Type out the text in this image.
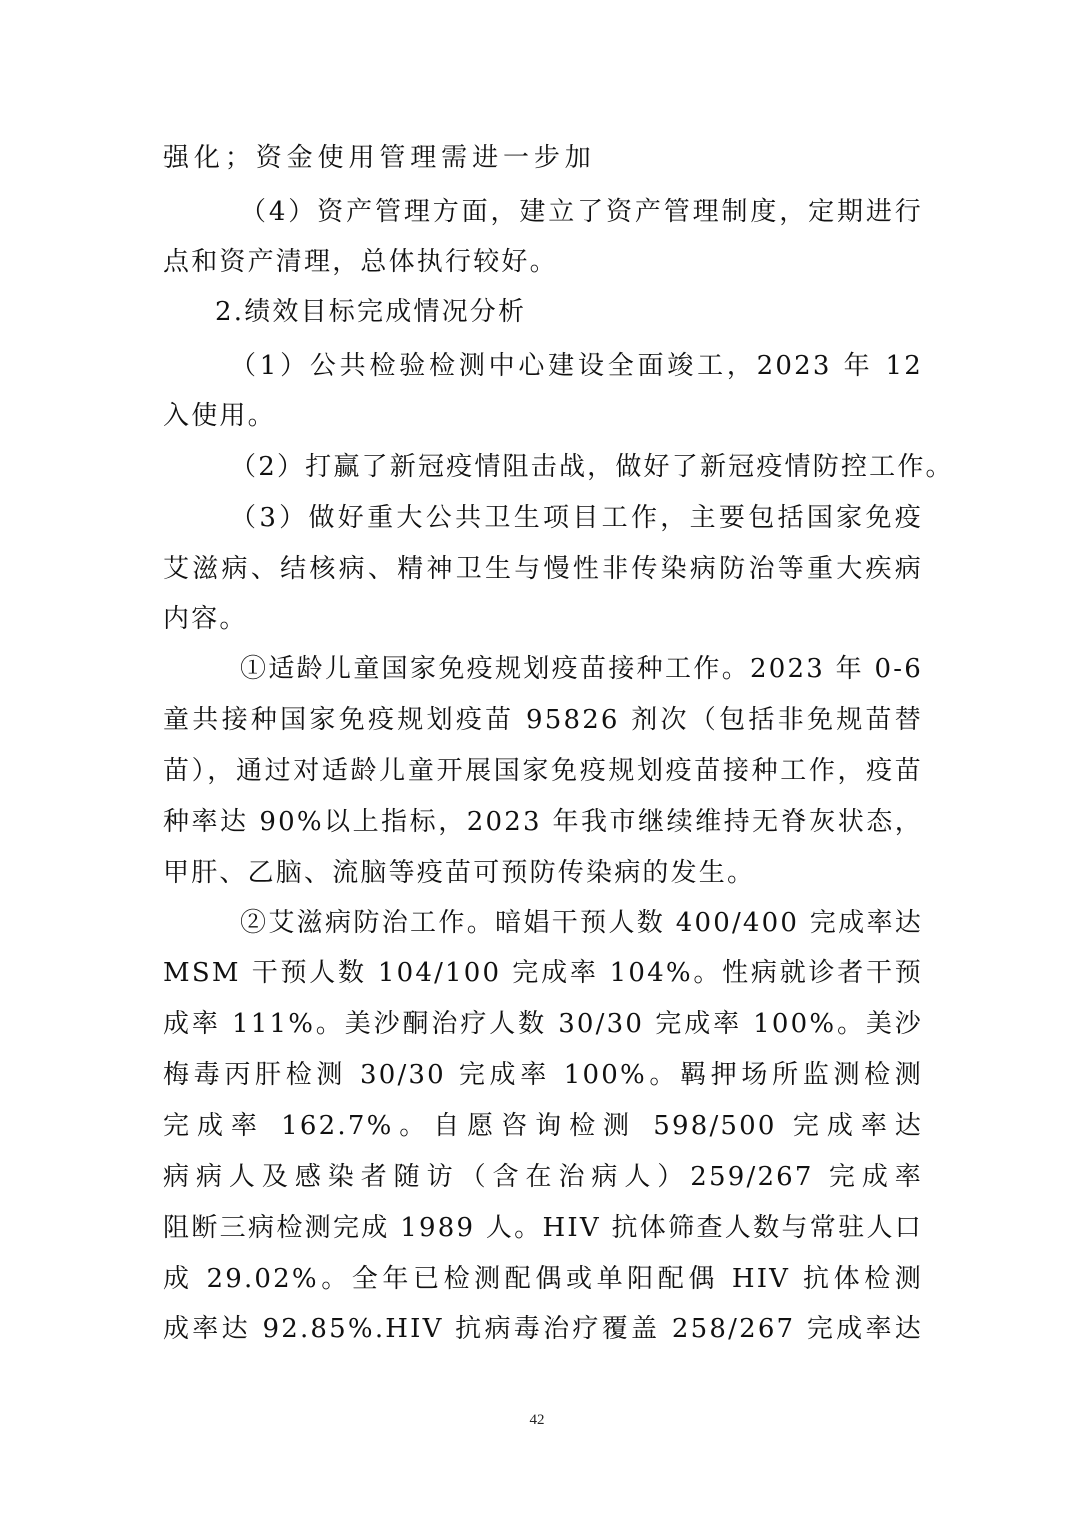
强化；资金使用管理需进一步加
（4）资产管理方面，建立了资产管理制度，定期进行
点和资产清理，总体执行较好。
2.绩效目标完成情况分析
（1）公共检验检测中心建设全面竣工，2023 年 12
入使用。
（2）打赢了新冠疫情阻击战，做好了新冠疫情防控工作。
（3）做好重大公共卫生项目工作，主要包括国家免疫
艾滋病、结核病、精神卫生与慢性非传染病防治等重大疾病
内容。
①适龄儿童国家免疫规划疫苗接种工作。2023 年 0-6
童共接种国家免疫规划疫苗 95826 剂次（包括非免规苗替
苗），通过对适龄儿童开展国家免疫规划疫苗接种工作，疫苗
种率达 90%以上指标，2023 年我市继续维持无脊灰状态，
甲肝、乙脑、流脑等疫苗可预防传染病的发生。
②艾滋病防治工作。暗娼干预人数 400/400 完成率达
MSM 干预人数 104/100 完成率 104%。性病就诊者干预
成率 111%。美沙酮治疗人数 30/30 完成率 100%。美沙
梅毒丙肝检测 30/30 完成率 100%。羁押场所监测检测
完成率 162.7%。自愿咨询检测 598/500 完成率达
病病人及感染者随访（含在治病人）259/267 完成率
阻断三病检测完成 1989 人。HIV 抗体筛查人数与常驻人口
成 29.02%。全年已检测配偶或单阳配偶 HIV 抗体检测
成率达 92.85%.HIV 抗病毒治疗覆盖 258/267 完成率达
42
